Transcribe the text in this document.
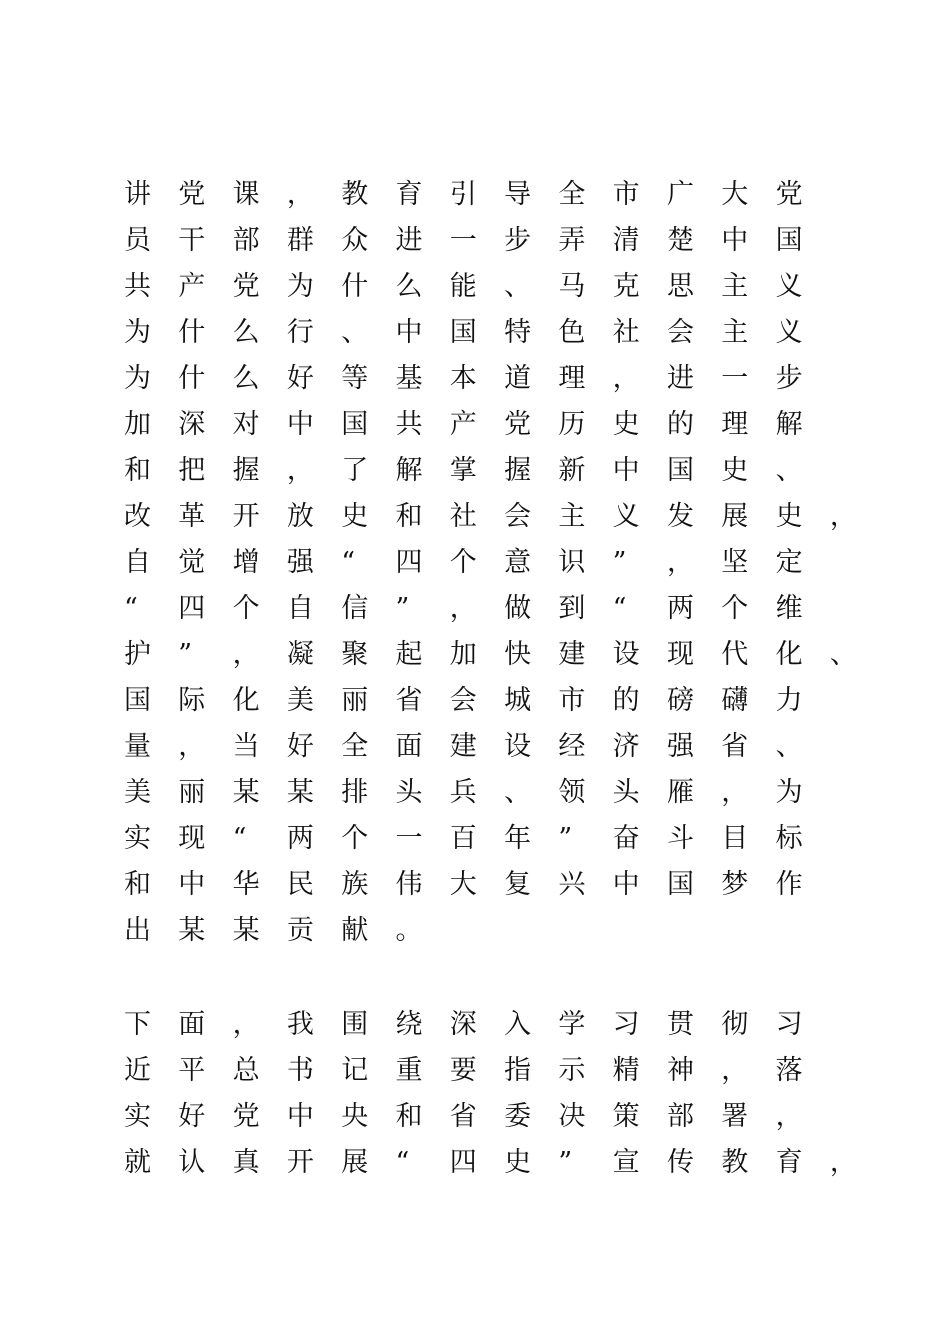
讲	党	课	，	教	育	引	导	全	市	广	大	党
员	干	部	群	众	进	一	步	弄	清	楚	中	国
共	产	党	为	什	么	能	、	马	克	思	主	义
为	什	么	行	、	中	国	特	色	社	会	主	义
为	什	么	好	等	基	本	道	理	，	进	一	步
加	深	对	中	国	共	产	党	历	史	的	理	解
和	把	握	，	了	解	掌	握	新	中	国	史	、
改	革	开	放	史	和	社	会	主	义	发	展	史	，
自	觉	增	强	“	四	个	意	识	”	，	坚	定
“	四	个	自	信	”	，	做	到	“	两	个	维
护	”	，	凝	聚	起	加	快	建	设	现	代	化	、
国	际	化	美	丽	省	会	城	市	的	磅	礴	力
量	，	当	好	全	面	建	设	经	济	强	省	、
美	丽	某	某	排	头	兵	、	领	头	雁	，	为
实	现	“	两	个	一	百	年	”	奋	斗	目	标
和	中	华	民	族	伟	大	复	兴	中	国	梦	作
出	某	某	贡	献	。
下	面	，	我	围	绕	深	入	学	习	贯	彻	习
近	平	总	书	记	重	要	指	示	精	神	，	落
实	好	党	中	央	和	省	委	决	策	部	署	，
就	认	真	开	展	“	四	史	”	宣	传	教	育	，
